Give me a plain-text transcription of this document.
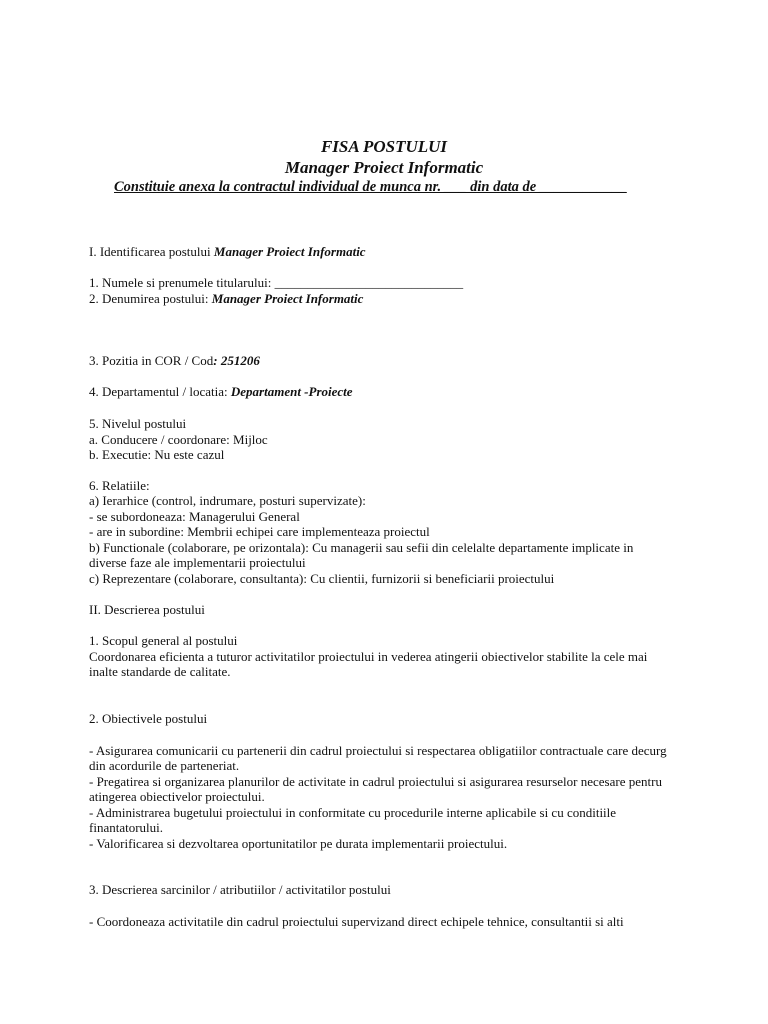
FISA POSTULUI
Manager Proiect Informatic
Constituie anexa la contractul individual de munca nr. ___ din data de ____________
I. Identificarea postului Manager Proiect Informatic
1. Numele si prenumele titularului: _____________________________
2. Denumirea postului: Manager Proiect Informatic
3. Pozitia in COR / Cod: 251206
4. Departamentul / locatia: Departament -Proiecte
5. Nivelul postului
a. Conducere / coordonare: Mijloc
b. Executie: Nu este cazul
6. Relatiile:
a) Ierarhice (control, indrumare, posturi supervizate):
- se subordoneaza: Managerului General
- are in subordine: Membrii echipei care implementeaza proiectul
b) Functionale (colaborare, pe orizontala): Cu managerii sau sefii din celelalte departamente implicate in
diverse faze ale implementarii proiectului
c) Reprezentare (colaborare, consultanta): Cu clientii, furnizorii si beneficiarii proiectului
II. Descrierea postului
1. Scopul general al postului
Coordonarea eficienta a tuturor activitatilor proiectului in vederea atingerii obiectivelor stabilite la cele mai
inalte standarde de calitate.
2. Obiectivele postului
- Asigurarea comunicarii cu partenerii din cadrul proiectului si respectarea obligatiilor contractuale care decurg
din acordurile de parteneriat.
- Pregatirea si organizarea planurilor de activitate in cadrul proiectului si asigurarea resurselor necesare pentru
atingerea obiectivelor proiectului.
- Administrarea bugetului proiectului in conformitate cu procedurile interne aplicabile si cu conditiile
finantatorului.
- Valorificarea si dezvoltarea oportunitatilor pe durata implementarii proiectului.
3. Descrierea sarcinilor / atributiilor / activitatilor postului
- Coordoneaza activitatile din cadrul proiectului supervizand direct echipele tehnice, consultantii si alti
